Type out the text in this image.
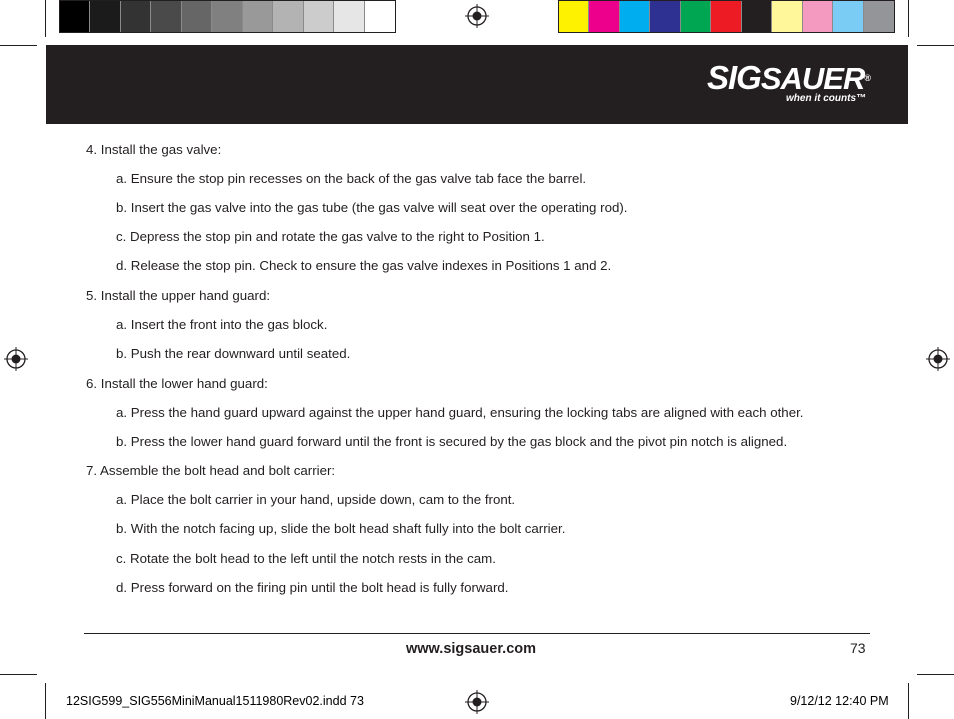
SIGSAUER®
when it counts™
4. Install the gas valve:
a. Ensure the stop pin recesses on the back of the gas valve tab face the barrel.
b. Insert the gas valve into the gas tube (the gas valve will seat over the operating rod).
c. Depress the stop pin and rotate the gas valve to the right to Position 1.
d. Release the stop pin. Check to ensure the gas valve indexes in Positions 1 and 2.
5. Install the upper hand guard:
a. Insert the front into the gas block.
b. Push the rear downward until seated.
6. Install the lower hand guard:
a. Press the hand guard upward against the upper hand guard, ensuring the locking tabs are aligned with each other.
b. Press the lower hand guard forward until the front is secured by the gas block and the pivot pin notch is aligned.
7. Assemble the bolt head and bolt carrier:
a. Place the bolt carrier in your hand, upside down, cam to the front.
b. With the notch facing up, slide the bolt head shaft fully into the bolt carrier.
c. Rotate the bolt head to the left until the notch rests in the cam.
d. Press forward on the firing pin until the bolt head is fully forward.
www.sigsauer.com	73
12SIG599_SIG556MiniManual1511980Rev02.indd 73	9/12/12 12:40 PM
